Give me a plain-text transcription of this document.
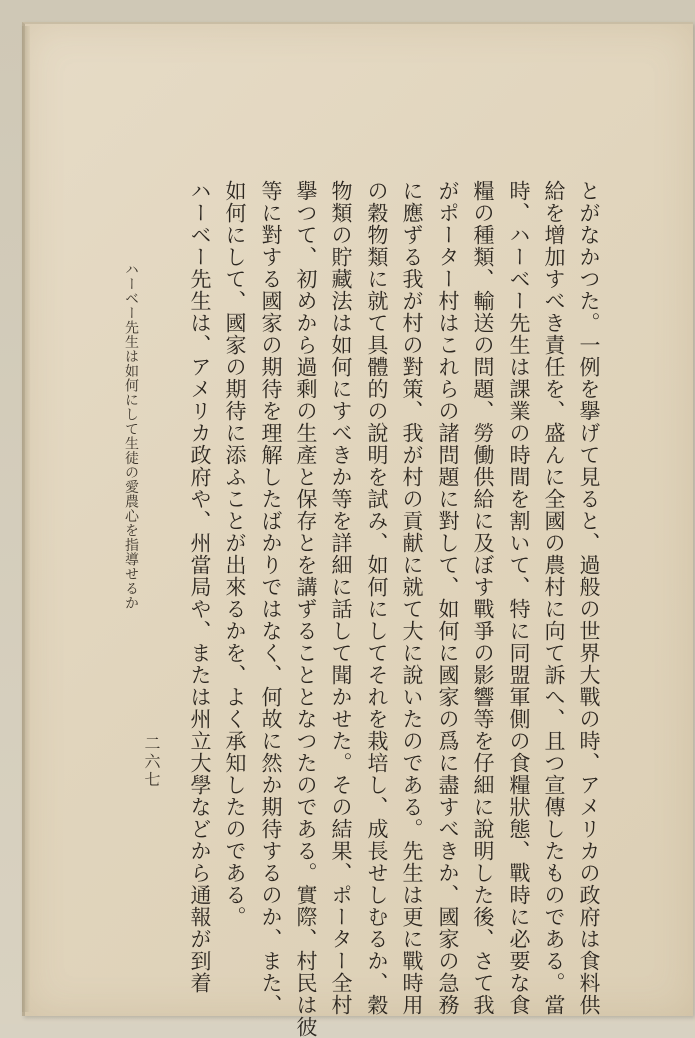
とがなかつた。一例を擧げて見ると、過般の世界大戰の時、アメリカの政府は食料供
給を增加すべき責任を、盛んに全國の農村に向て訴へ、且つ宣傳したものである。當
時、ハーベー先生は課業の時間を割いて、特に同盟軍側の食糧狀態、戰時に必要な食
糧の種類、輸送の問題、勞働供給に及ぼす戰爭の影響等を仔細に說明した後、さて我
がポーター村はこれらの諸問題に對して、如何に國家の爲に盡すべきか、國家の急務
に應ずる我が村の對策、我が村の貢献に就て大に說いたのである。先生は更に戰時用
の穀物類に就て具體的の說明を試み、如何にしてそれを栽培し、成長せしむるか、穀
物類の貯藏法は如何にすべきか等を詳細に話して聞かせた。その結果、ポーター全村
擧つて、初めから過剩の生產と保存とを講ずることとなつたのである。實際、村民は彼
等に對する國家の期待を理解したばかりではなく、何故に然か期待するのか、また、
如何にして、國家の期待に添ふことが出來るかを、よく承知したのである。
ハーベー先生は、アメリカ政府や、州當局や、または州立大學などから通報が到着
ハーベー先生は如何にして生徒の愛農心を指導せるか
二六七
